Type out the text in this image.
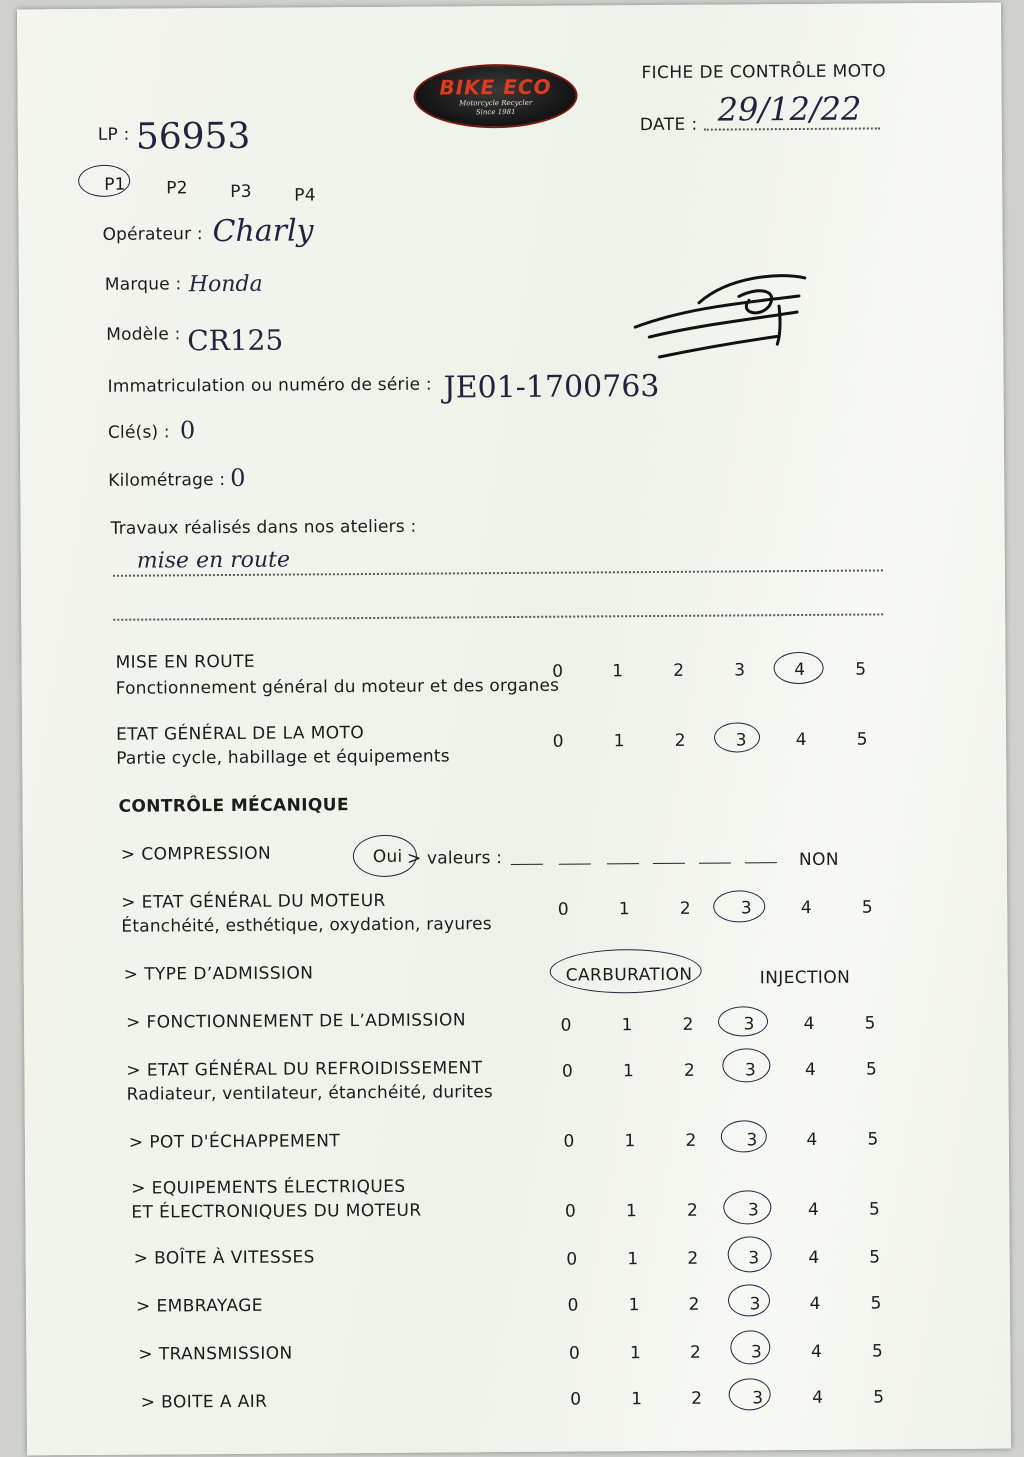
BIKE ECO
Motorcycle Recycler
Since 1981
FICHE DE CONTRÔLE MOTO
DATE : 29/12/22
LP : 56953
P1 P2 P3 P4
Opérateur : Charly
Marque : Honda
Modèle : CR125
Immatriculation ou numéro de série : JE01-1700763
Clé(s) : 0
Kilométrage : 0
Travaux réalisés dans nos ateliers :
mise en route
MISE EN ROUTE
Fonctionnement général du moteur et des organes
0	1	2	3	4	5
ETAT GÉNÉRAL DE LA MOTO
Partie cycle, habillage et équipements
0	1	2	3	4	5
CONTRÔLE MÉCANIQUE
> COMPRESSION	Oui > valeurs :	NON
> ETAT GÉNÉRAL DU MOTEUR
Étanchéité, esthétique, oxydation, rayures
0	1	2	3	4	5
> TYPE D’ADMISSION	CARBURATION	INJECTION
> FONCTIONNEMENT DE L’ADMISSION	0	1	2	3	4	5
> ETAT GÉNÉRAL DU REFROIDISSEMENT
Radiateur, ventilateur, étanchéité, durites
0	1	2	3	4	5
> POT D'ÉCHAPPEMENT	0	1	2	3	4	5
> EQUIPEMENTS ÉLECTRIQUES
ET ÉLECTRONIQUES DU MOTEUR	0	1	2	3	4	5
> BOÎTE À VITESSES	0	1	2	3	4	5
> EMBRAYAGE	0	1	2	3	4	5
> TRANSMISSION	0	1	2	3	4	5
> BOITE A AIR	0	1	2	3	4	5
